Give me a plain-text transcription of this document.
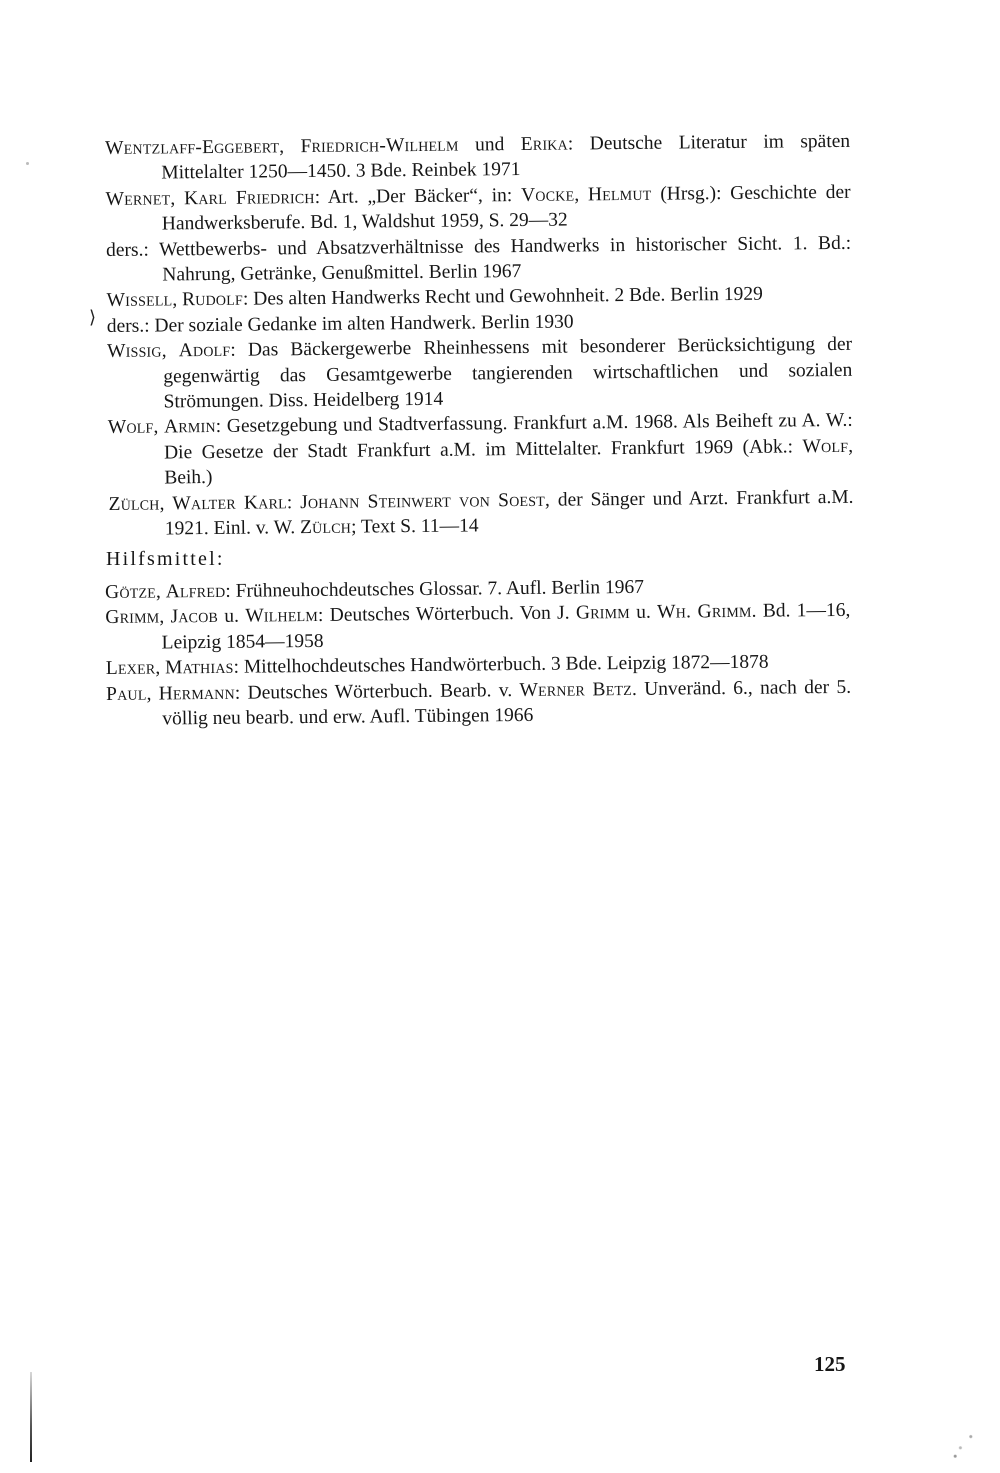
Wentzlaff-Eggebert, Friedrich-Wilhelm und Erika: Deutsche Literatur im späten Mittelalter 1250—1450. 3 Bde. Reinbek 1971

Wernet, Karl Friedrich: Art. „Der Bäcker“, in: Vocke, Helmut (Hrsg.): Geschichte der Handwerksberufe. Bd. 1, Waldshut 1959, S. 29—32

ders.: Wettbewerbs- und Absatzverhältnisse des Handwerks in historischer Sicht. 1. Bd.: Nahrung, Getränke, Genußmittel. Berlin 1967

Wissell, Rudolf: Des alten Handwerks Recht und Gewohnheit. 2 Bde. Berlin 1929

ders.: Der soziale Gedanke im alten Handwerk. Berlin 1930

Wissig, Adolf: Das Bäckergewerbe Rheinhessens mit besonderer Berücksichtigung der gegenwärtig das Gesamtgewerbe tangierenden wirtschaftlichen und sozialen Strömungen. Diss. Heidelberg 1914

Wolf, Armin: Gesetzgebung und Stadtverfassung. Frankfurt a.M. 1968. Als Beiheft zu A. W.: Die Gesetze der Stadt Frankfurt a.M. im Mittelalter. Frankfurt 1969 (Abk.: Wolf, Beih.)

Zülch, Walter Karl: Johann Steinwert von Soest, der Sänger und Arzt. Frankfurt a.M. 1921. Einl. v. W. Zülch; Text S. 11—14

⟩
Hilfsmittel:

Götze, Alfred: Frühneuhochdeutsches Glossar. 7. Aufl. Berlin 1967

Grimm, Jacob u. Wilhelm: Deutsches Wörterbuch. Von J. Grimm u. Wh. Grimm. Bd. 1—16, Leipzig 1854—1958

Lexer, Mathias: Mittelhochdeutsches Handwörterbuch. 3 Bde. Leipzig 1872—1878

Paul, Hermann: Deutsches Wörterbuch. Bearb. v. Werner Betz. Unveränd. 6., nach der 5. völlig neu bearb. und erw. Aufl. Tübingen 1966

125
